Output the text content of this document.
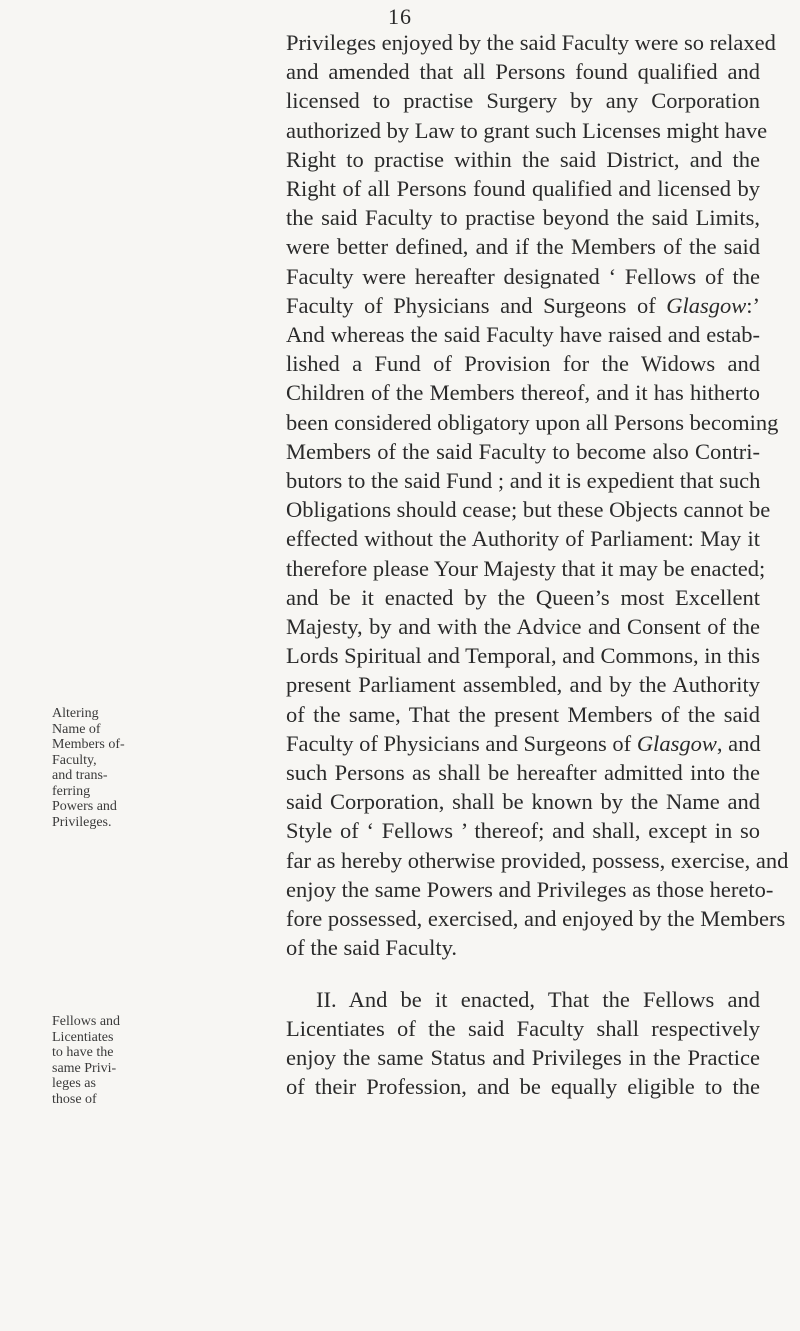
16
Privileges enjoyed by the said Faculty were so relaxed
and amended that all Persons found qualified and
licensed to practise Surgery by any Corporation
authorized by Law to grant such Licenses might have
Right to practise within the said District, and the
Right of all Persons found qualified and licensed by
the said Faculty to practise beyond the said Limits,
were better defined, and if the Members of the said
Faculty were hereafter designated ‘ Fellows of the
Faculty of Physicians and Surgeons of Glasgow:’
And whereas the said Faculty have raised and estab-
lished a Fund of Provision for the Widows and
Children of the Members thereof, and it has hitherto
been considered obligatory upon all Persons becoming
Members of the said Faculty to become also Contri-
butors to the said Fund ; and it is expedient that such
Obligations should cease; but these Objects cannot be
effected without the Authority of Parliament: May it
therefore please Your Majesty that it may be enacted;
and be it enacted by the Queen’s most Excellent
Majesty, by and with the Advice and Consent of the
Lords Spiritual and Temporal, and Commons, in this
present Parliament assembled, and by the Authority
of the same, That the present Members of the said
Faculty of Physicians and Surgeons of Glasgow, and
such Persons as shall be hereafter admitted into the
said Corporation, shall be known by the Name and
Style of ‘ Fellows ’ thereof; and shall, except in so
far as hereby otherwise provided, possess, exercise, and
enjoy the same Powers and Privileges as those hereto-
fore possessed, exercised, and enjoyed by the Members
of the said Faculty.
II. And be it enacted, That the Fellows and
Licentiates of the said Faculty shall respectively
enjoy the same Status and Privileges in the Practice
of their Profession, and be equally eligible to the
Altering
Name of
Members of-
Faculty,
and trans-
ferring
Powers and
Privileges.
Fellows and
Licentiates
to have the
same Privi-
leges as
those of
